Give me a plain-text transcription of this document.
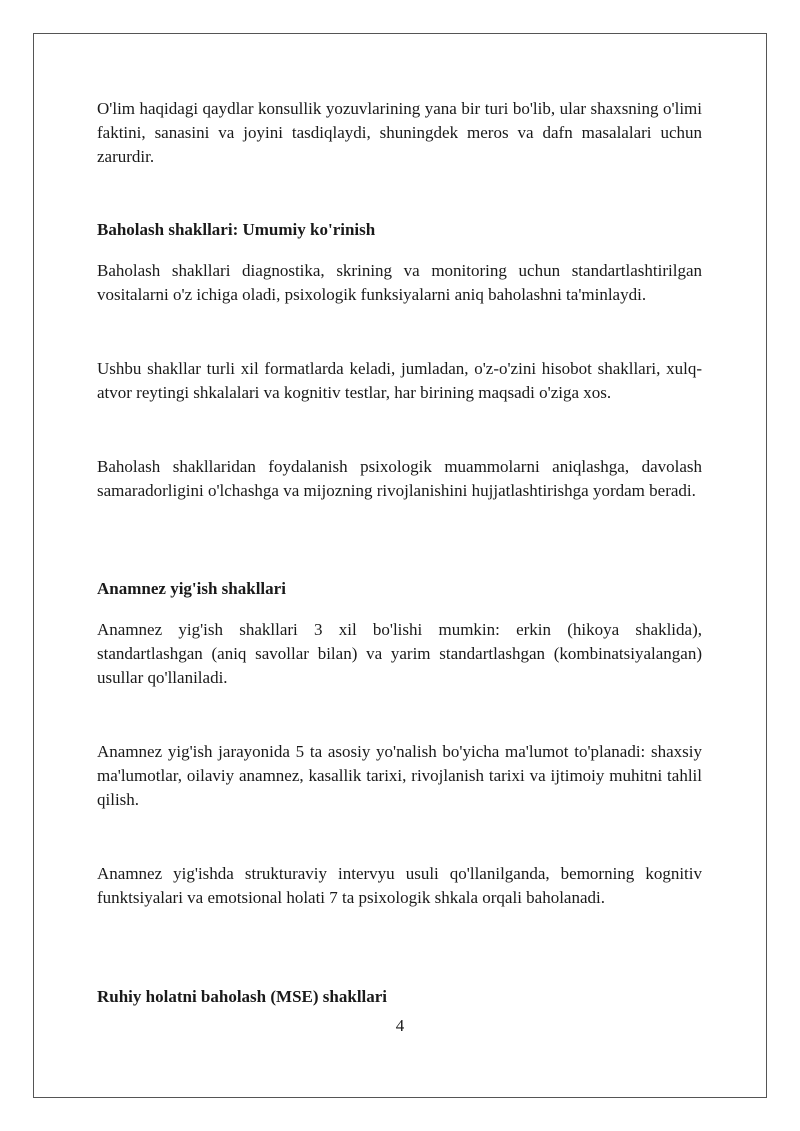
O'lim haqidagi qaydlar konsullik yozuvlarining yana bir turi bo'lib, ular shaxsning o'limi faktini, sanasini va joyini tasdiqlaydi, shuningdek meros va dafn masalalari uchun zarurdir.

Baholash shakllari: Umumiy ko'rinish

Baholash shakllari diagnostika, skrining va monitoring uchun standartlashtirilgan vositalarni o'z ichiga oladi, psixologik funksiyalarni aniq baholashni ta'minlaydi.

Ushbu shakllar turli xil formatlarda keladi, jumladan, o'z-o'zini hisobot shakllari, xulq-atvor reytingi shkalalari va kognitiv testlar, har birining maqsadi o'ziga xos.

Baholash shakllaridan foydalanish psixologik muammolarni aniqlashga, davolash samaradorligini o'lchashga va mijozning rivojlanishini hujjatlashtirishga yordam beradi.

Anamnez yig'ish shakllari

Anamnez yig'ish shakllari 3 xil bo'lishi mumkin: erkin (hikoya shaklida), standartlashgan (aniq savollar bilan) va yarim standartlashgan (kombinatsiyalangan) usullar qo'llaniladi.

Anamnez yig'ish jarayonida 5 ta asosiy yo'nalish bo'yicha ma'lumot to'planadi: shaxsiy ma'lumotlar, oilaviy anamnez, kasallik tarixi, rivojlanish tarixi va ijtimoiy muhitni tahlil qilish.

Anamnez yig'ishda strukturaviy intervyu usuli qo'llanilganda, bemorning kognitiv funktsiyalari va emotsional holati 7 ta psixologik shkala orqali baholanadi.

Ruhiy holatni baholash (MSE) shakllari
4
